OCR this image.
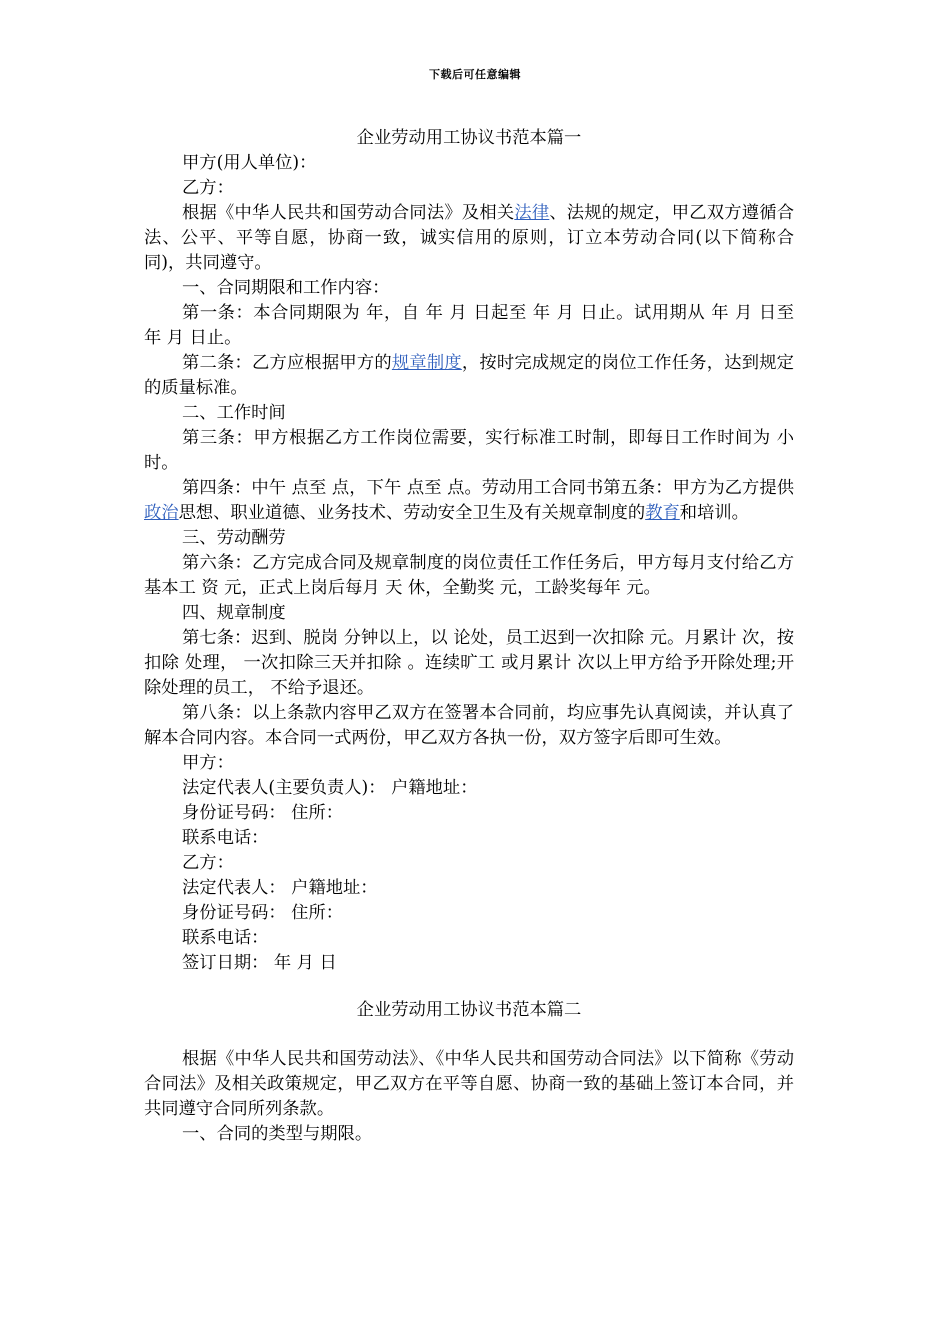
下载后可任意编辑

企业劳动用工协议书范本篇一

甲方(用人单位)：

乙方：

根据《中华人民共和国劳动合同法》及相关法律、法规的规定，甲乙双方遵循合法、公平、平等自愿，协商一致，诚实信用的原则，订立本劳动合同(以下简称合同)，共同遵守。

一、合同期限和工作内容：

第一条：本合同期限为 年，自 年 月 日起至 年 月 日止。试用期从 年 月 日至 年 月 日止。

第二条：乙方应根据甲方的规章制度，按时完成规定的岗位工作任务，达到规定的质量标准。

二、工作时间

第三条：甲方根据乙方工作岗位需要，实行标准工时制，即每日工作时间为 小时。

第四条：中午 点至 点，下午 点至 点。劳动用工合同书第五条：甲方为乙方提供政治思想、职业道德、业务技术、劳动安全卫生及有关规章制度的教育和培训。

三、劳动酬劳

第六条：乙方完成合同及规章制度的岗位责任工作任务后，甲方每月支付给乙方基本工 资 元，正式上岗后每月 天 休，全勤奖 元，工龄奖每年 元。

四、规章制度

第七条：迟到、脱岗 分钟以上，以 论处，员工迟到一次扣除 元。月累计 次，按扣除 处理， 一次扣除三天并扣除 。连续旷工 或月累计 次以上甲方给予开除处理;开除处理的员工， 不给予退还。

第八条：以上条款内容甲乙双方在签署本合同前，均应事先认真阅读，并认真了解本合同内容。本合同一式两份，甲乙双方各执一份，双方签字后即可生效。

甲方：

法定代表人(主要负责人)： 户籍地址：

身份证号码： 住所：

联系电话：

乙方：

法定代表人： 户籍地址：

身份证号码： 住所：

联系电话：

签订日期： 年 月 日

企业劳动用工协议书范本篇二

根据《中华人民共和国劳动法》、《中华人民共和国劳动合同法》以下简称《劳动合同法》及相关政策规定，甲乙双方在平等自愿、协商一致的基础上签订本合同，并共同遵守合同所列条款。

一、合同的类型与期限。
